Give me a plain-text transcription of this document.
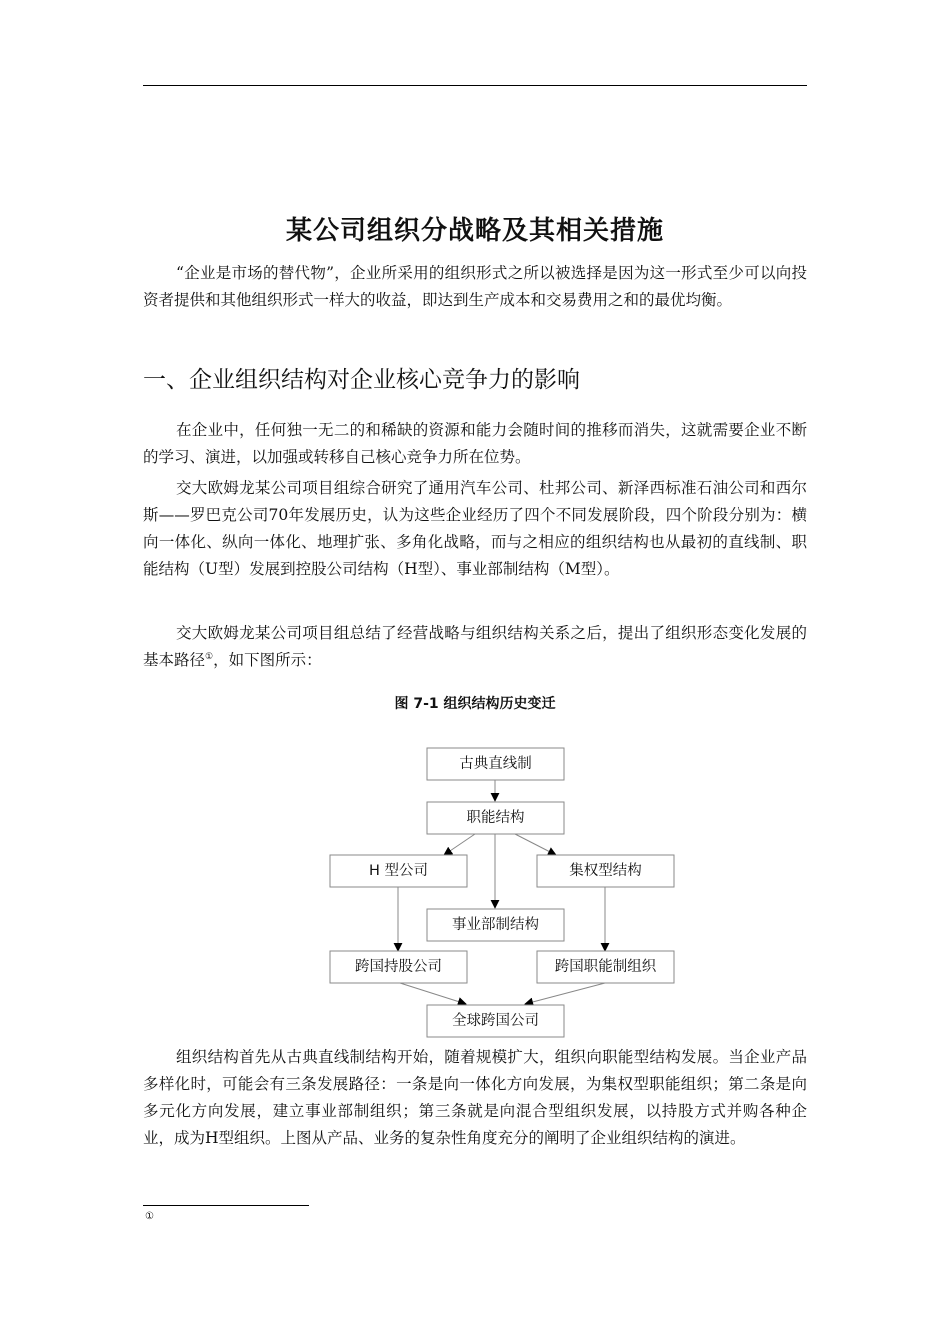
某公司组织分战略及其相关措施

“企业是市场的替代物”，企业所采用的组织形式之所以被选择是因为这一形式至少可以向投资者提供和其他组织形式一样大的收益，即达到生产成本和交易费用之和的最优均衡。

一、企业组织结构对企业核心竞争力的影响

在企业中，任何独一无二的和稀缺的资源和能力会随时间的推移而消失，这就需要企业不断的学习、演进，以加强或转移自己核心竞争力所在位势。

交大欧姆龙某公司项目组综合研究了通用汽车公司、杜邦公司、新泽西标准石油公司和西尔斯——罗巴克公司70年发展历史，认为这些企业经历了四个不同发展阶段，四个阶段分别为：横向一体化、纵向一体化、地理扩张、多角化战略，而与之相应的组织结构也从最初的直线制、职能结构（U型）发展到控股公司结构（H型）、事业部制结构（M型）。

交大欧姆龙某公司项目组总结了经营战略与组织结构关系之后，提出了组织形态变化发展的基本路径①，如下图所示：

图 7-1 组织结构历史变迁

古典直线制
职能结构
H 型公司	集权型结构
事业部制结构
跨国持股公司	跨国职能制组织
全球跨国公司

组织结构首先从古典直线制结构开始，随着规模扩大，组织向职能型结构发展。当企业产品多样化时，可能会有三条发展路径：一条是向一体化方向发展，为集权型职能组织；第二条是向多元化方向发展，建立事业部制组织；第三条就是向混合型组织发展，以持股方式并购各种企业，成为H型组织。上图从产品、业务的复杂性角度充分的阐明了企业组织结构的演进。

①
